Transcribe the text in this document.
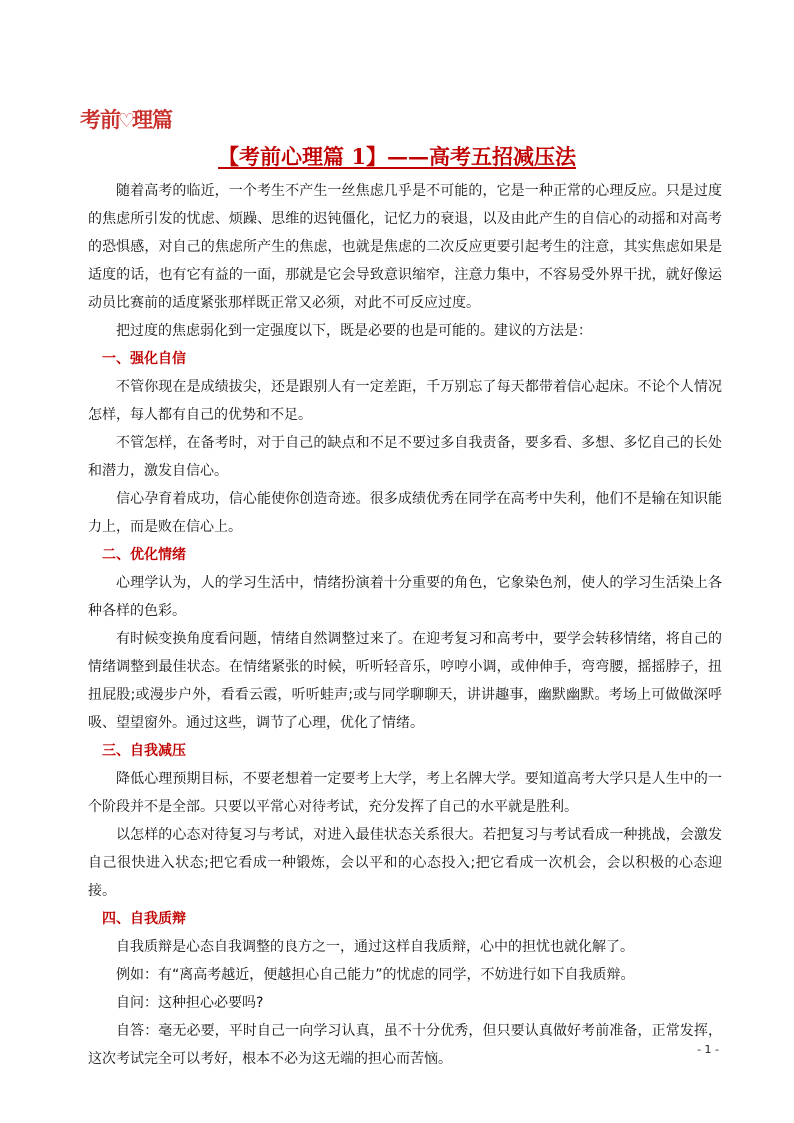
考前♡理篇
【考前心理篇 1】——高考五招减压法

随着高考的临近，一个考生不产生一丝焦虑几乎是不可能的，它是一种正常的心理反应。只是过度的焦虑所引发的忧虑、烦躁、思维的迟钝僵化，记忆力的衰退，以及由此产生的自信心的动摇和对高考的恐惧感，对自己的焦虑所产生的焦虑，也就是焦虑的二次反应更要引起考生的注意，其实焦虑如果是适度的话，也有它有益的一面，那就是它会导致意识缩窄，注意力集中，不容易受外界干扰，就好像运动员比赛前的适度紧张那样既正常又必须，对此不可反应过度。

把过度的焦虑弱化到一定强度以下，既是必要的也是可能的。建议的方法是：

一、强化自信

不管你现在是成绩拔尖，还是跟别人有一定差距，千万别忘了每天都带着信心起床。不论个人情况怎样，每人都有自己的优势和不足。

不管怎样，在备考时，对于自己的缺点和不足不要过多自我责备，要多看、多想、多忆自己的长处和潜力，激发自信心。

信心孕育着成功，信心能使你创造奇迹。很多成绩优秀在同学在高考中失利，他们不是输在知识能力上，而是败在信心上。

二、优化情绪

心理学认为，人的学习生活中，情绪扮演着十分重要的角色，它象染色剂，使人的学习生活染上各种各样的色彩。

有时候变换角度看问题，情绪自然调整过来了。在迎考复习和高考中，要学会转移情绪，将自己的情绪调整到最佳状态。在情绪紧张的时候，听听轻音乐，哼哼小调，或伸伸手，弯弯腰，摇摇脖子，扭扭屁股;或漫步户外，看看云霞，听听蛙声;或与同学聊聊天，讲讲趣事，幽默幽默。考场上可做做深呼吸、望望窗外。通过这些，调节了心理，优化了情绪。

三、自我减压

降低心理预期目标，不要老想着一定要考上大学，考上名牌大学。要知道高考大学只是人生中的一个阶段并不是全部。只要以平常心对待考试，充分发挥了自己的水平就是胜利。

以怎样的心态对待复习与考试，对进入最佳状态关系很大。若把复习与考试看成一种挑战，会激发自己很快进入状态;把它看成一种锻炼，会以平和的心态投入;把它看成一次机会，会以积极的心态迎接。

四、自我质辩

自我质辩是心态自我调整的良方之一，通过这样自我质辩，心中的担忧也就化解了。

例如：有“离高考越近，便越担心自己能力”的忧虑的同学，不妨进行如下自我质辩。

自问：这种担心必要吗?

自答：毫无必要，平时自己一向学习认真，虽不十分优秀，但只要认真做好考前准备，正常发挥，这次考试完全可以考好，根本不必为这无端的担心而苦恼。

- 1 -
